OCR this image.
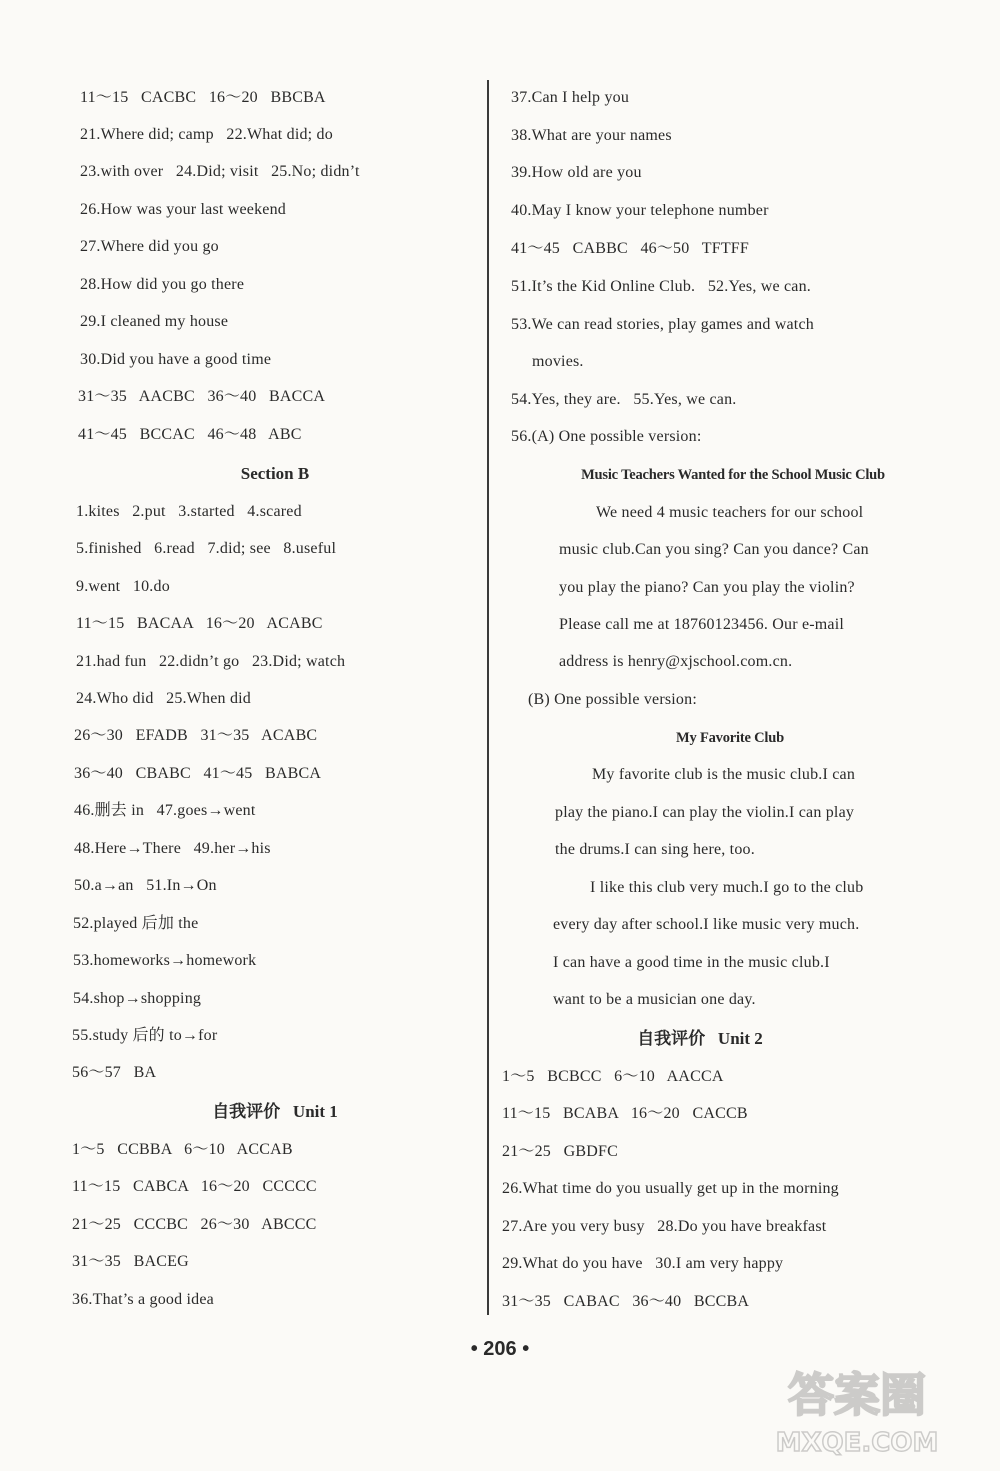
11～15   CACBC   16～20   BBCBA
21.Where did; camp   22.What did; do
23.with over   24.Did; visit   25.No; didn’t
26.How was your last weekend
27.Where did you go
28.How did you go there
29.I cleaned my house
30.Did you have a good time
31～35   AACBC   36～40   BACCA
41～45   BCCAC   46～48   ABC
Section B
1.kites   2.put   3.started   4.scared
5.finished   6.read   7.did; see   8.useful
9.went   10.do
11～15   BACAA   16～20   ACABC
21.had fun   22.didn’t go   23.Did; watch
24.Who did   25.When did
26～30   EFADB   31～35   ACABC
36～40   CBABC   41～45   BABCA
46.删去 in   47.goes→went
48.Here→There   49.her→his
50.a→an   51.In→On
52.played 后加 the
53.homeworks→homework
54.shop→shopping
55.study 后的 to→for
56～57   BA
自我评价   Unit 1
1～5   CCBBA   6～10   ACCAB
11～15   CABCA   16～20   CCCCC
21～25   CCCBC   26～30   ABCCC
31～35   BACEG
36.That’s a good idea
37.Can I help you
38.What are your names
39.How old are you
40.May I know your telephone number
41～45   CABBC   46～50   TFTFF
51.It’s the Kid Online Club.   52.Yes, we can.
53.We can read stories, play games and watch
movies.
54.Yes, they are.   55.Yes, we can.
56.(A) One possible version:
Music Teachers Wanted for the School Music Club
We need 4 music teachers for our school
music club.Can you sing? Can you dance? Can
you play the piano? Can you play the violin?
Please call me at 18760123456. Our e-mail
address is henry@xjschool.com.cn.
(B) One possible version:
My Favorite Club
My favorite club is the music club.I can
play the piano.I can play the violin.I can play
the drums.I can sing here, too.
I like this club very much.I go to the club
every day after school.I like music very much.
I can have a good time in the music club.I
want to be a musician one day.
自我评价   Unit 2
1～5   BCBCC   6～10   AACCA
11～15   BCABA   16～20   CACCB
21～25   GBDFC
26.What time do you usually get up in the morning
27.Are you very busy   28.Do you have breakfast
29.What do you have   30.I am very happy
31～35   CABAC   36～40   BCCBA
• 206 •
答案圈
MXQE.COM
